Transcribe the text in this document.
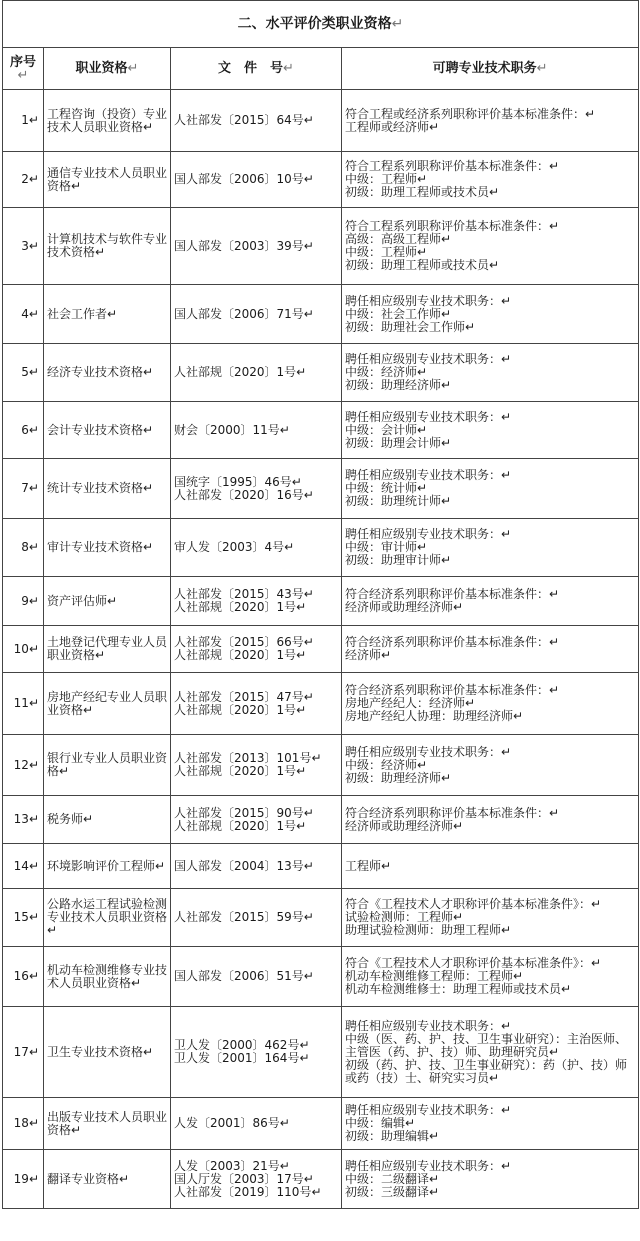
二、水平评价类职业资格↵			
序号↵	职业资格↵	文　件　号↵	可聘专业技术职务↵
1↵	工程咨询（投资）专业技术人员职业资格↵	人社部发〔2015〕64号↵	符合工程或经济系列职称评价基本标准条件：↵
工程师或经济师↵

2↵	通信专业技术人员职业资格↵	国人部发〔2006〕10号↵	符合工程系列职称评价基本标准条件：↵
中级：工程师↵
初级：助理工程师或技术员↵

3↵	计算机技术与软件专业技术资格↵	国人部发〔2003〕39号↵	符合工程系列职称评价基本标准条件：↵
高级：高级工程师↵
中级：工程师↵
初级：助理工程师或技术员↵

4↵	社会工作者↵	国人部发〔2006〕71号↵	聘任相应级别专业技术职务：↵
中级：社会工作师↵
初级：助理社会工作师↵

5↵	经济专业技术资格↵	人社部规〔2020〕1号↵	聘任相应级别专业技术职务：↵
中级：经济师↵
初级：助理经济师↵

6↵	会计专业技术资格↵	财会〔2000〕11号↵	聘任相应级别专业技术职务：↵
中级：会计师↵
初级：助理会计师↵

7↵	统计专业技术资格↵	国统字〔1995〕46号↵
人社部发〔2020〕16号↵	聘任相应级别专业技术职务：↵
中级：统计师↵
初级：助理统计师↵

8↵	审计专业技术资格↵	审人发〔2003〕4号↵	聘任相应级别专业技术职务：↵
中级：审计师↵
初级：助理审计师↵

9↵	资产评估师↵	人社部发〔2015〕43号↵
人社部规〔2020〕1号↵	符合经济系列职称评价基本标准条件：↵
经济师或助理经济师↵

10↵	土地登记代理专业人员职业资格↵	人社部发〔2015〕66号↵
人社部规〔2020〕1号↵	符合经济系列职称评价基本标准条件：↵
经济师↵

11↵	房地产经纪专业人员职业资格↵	人社部发〔2015〕47号↵
人社部规〔2020〕1号↵	符合经济系列职称评价基本标准条件：↵
房地产经纪人：经济师↵
房地产经纪人协理：助理经济师↵

12↵	银行业专业人员职业资格↵	人社部发〔2013〕101号↵
人社部规〔2020〕1号↵	聘任相应级别专业技术职务：↵
中级：经济师↵
初级：助理经济师↵

13↵	税务师↵	人社部发〔2015〕90号↵
人社部规〔2020〕1号↵	符合经济系列职称评价基本标准条件：↵
经济师或助理经济师↵

14↵	环境影响评价工程师↵	国人部发〔2004〕13号↵	工程师↵

15↵	公路水运工程试验检测专业技术人员职业资格↵	人社部发〔2015〕59号↵	符合《工程技术人才职称评价基本标准条件》：↵
试验检测师：工程师↵
助理试验检测师：助理工程师↵

16↵	机动车检测维修专业技术人员职业资格↵	国人部发〔2006〕51号↵	符合《工程技术人才职称评价基本标准条件》：↵
机动车检测维修工程师：工程师↵
机动车检测维修士：助理工程师或技术员↵

17↵	卫生专业技术资格↵	卫人发〔2000〕462号↵
卫人发〔2001〕164号↵	聘任相应级别专业技术职务：↵
中级（医、药、护、技、卫生事业研究）：主治医师、主管医（药、护、技）师、助理研究员↵
初级（药、护、技、卫生事业研究）：药（护、技）师或药（技）士、研究实习员↵

18↵	出版专业技术人员职业资格↵	人发〔2001〕86号↵	聘任相应级别专业技术职务：↵
中级：编辑↵
初级：助理编辑↵

19↵	翻译专业资格↵	人发〔2003〕21号↵
国人厅发〔2003〕17号↵
人社部发〔2019〕110号↵	聘任相应级别专业技术职务：↵
中级：二级翻译↵
初级：三级翻译↵
